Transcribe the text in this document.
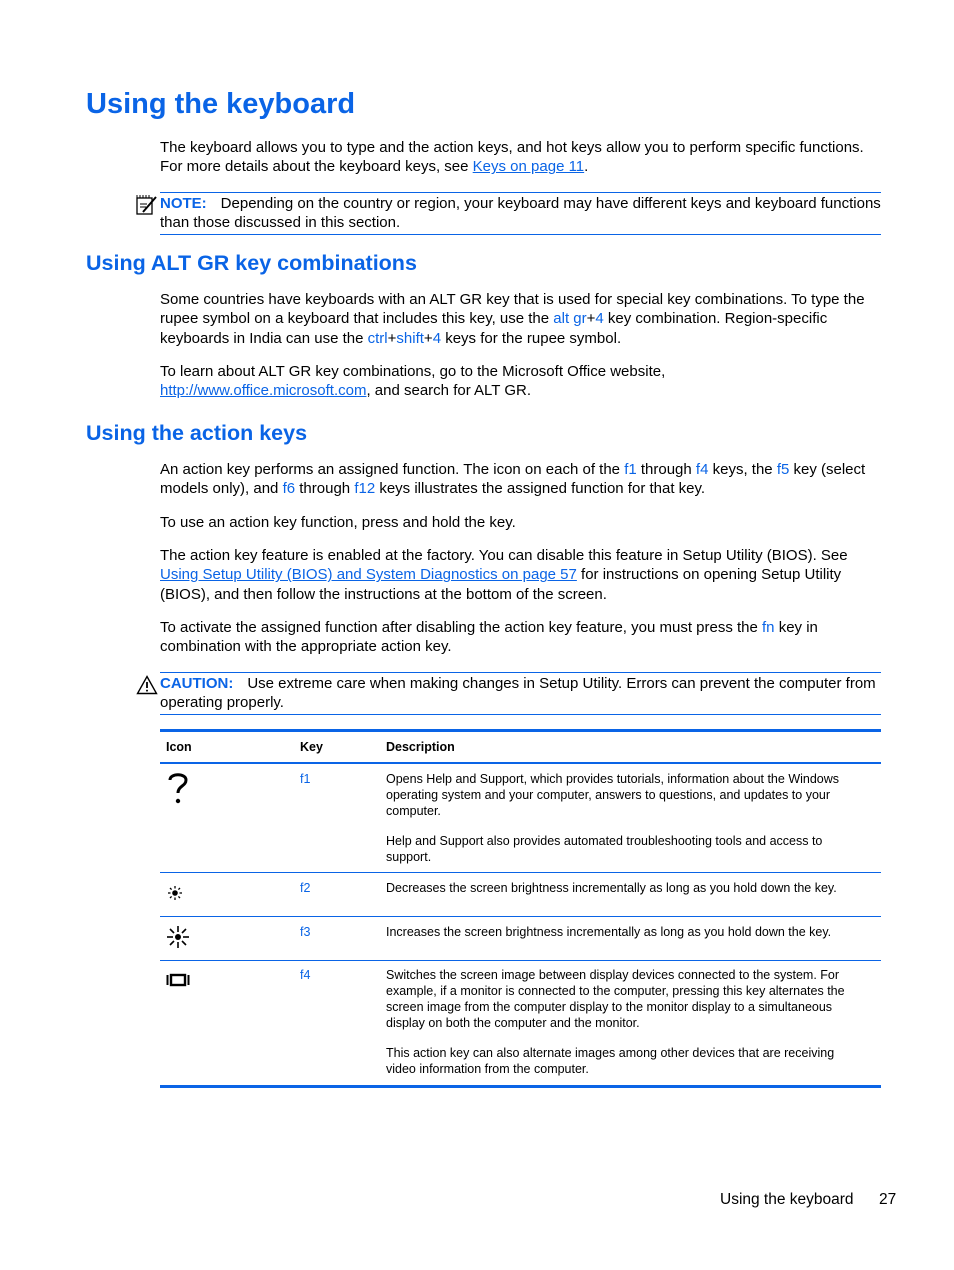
Using the keyboard

The keyboard allows you to type and the action keys, and hot keys allow you to perform specific functions. For more details about the keyboard keys, see Keys on page 11.

NOTE: Depending on the country or region, your keyboard may have different keys and keyboard functions than those discussed in this section.
Using ALT GR key combinations

Some countries have keyboards with an ALT GR key that is used for special key combinations. To type the rupee symbol on a keyboard that includes this key, use the alt gr+4 key combination. Region-specific keyboards in India can use the ctrl+shift+4 keys for the rupee symbol.

To learn about ALT GR key combinations, go to the Microsoft Office website, http://www.office.microsoft.com, and search for ALT GR.

Using the action keys

An action key performs an assigned function. The icon on each of the f1 through f4 keys, the f5 key (select models only), and f6 through f12 keys illustrates the assigned function for that key.

To use an action key function, press and hold the key.

The action key feature is enabled at the factory. You can disable this feature in Setup Utility (BIOS). See Using Setup Utility (BIOS) and System Diagnostics on page 57 for instructions on opening Setup Utility (BIOS), and then follow the instructions at the bottom of the screen.

To activate the assigned function after disabling the action key feature, you must press the fn key in combination with the appropriate action key.

CAUTION: Use extreme care when making changes in Setup Utility. Errors can prevent the computer from operating properly.
Icon	Key	Description
f1	Opens Help and Support, which provides tutorials, information about the Windows operating system and your computer, answers to questions, and updates to your computer.

Help and Support also provides automated troubleshooting tools and access to support.

f2	Decreases the screen brightness incrementally as long as you hold down the key.

f3	Increases the screen brightness incrementally as long as you hold down the key.

f4	Switches the screen image between display devices connected to the system. For example, if a monitor is connected to the computer, pressing this key alternates the screen image from the computer display to the monitor display to a simultaneous display on both the computer and the monitor.

This action key can also alternate images among other devices that are receiving video information from the computer.

Using the keyboard 27
